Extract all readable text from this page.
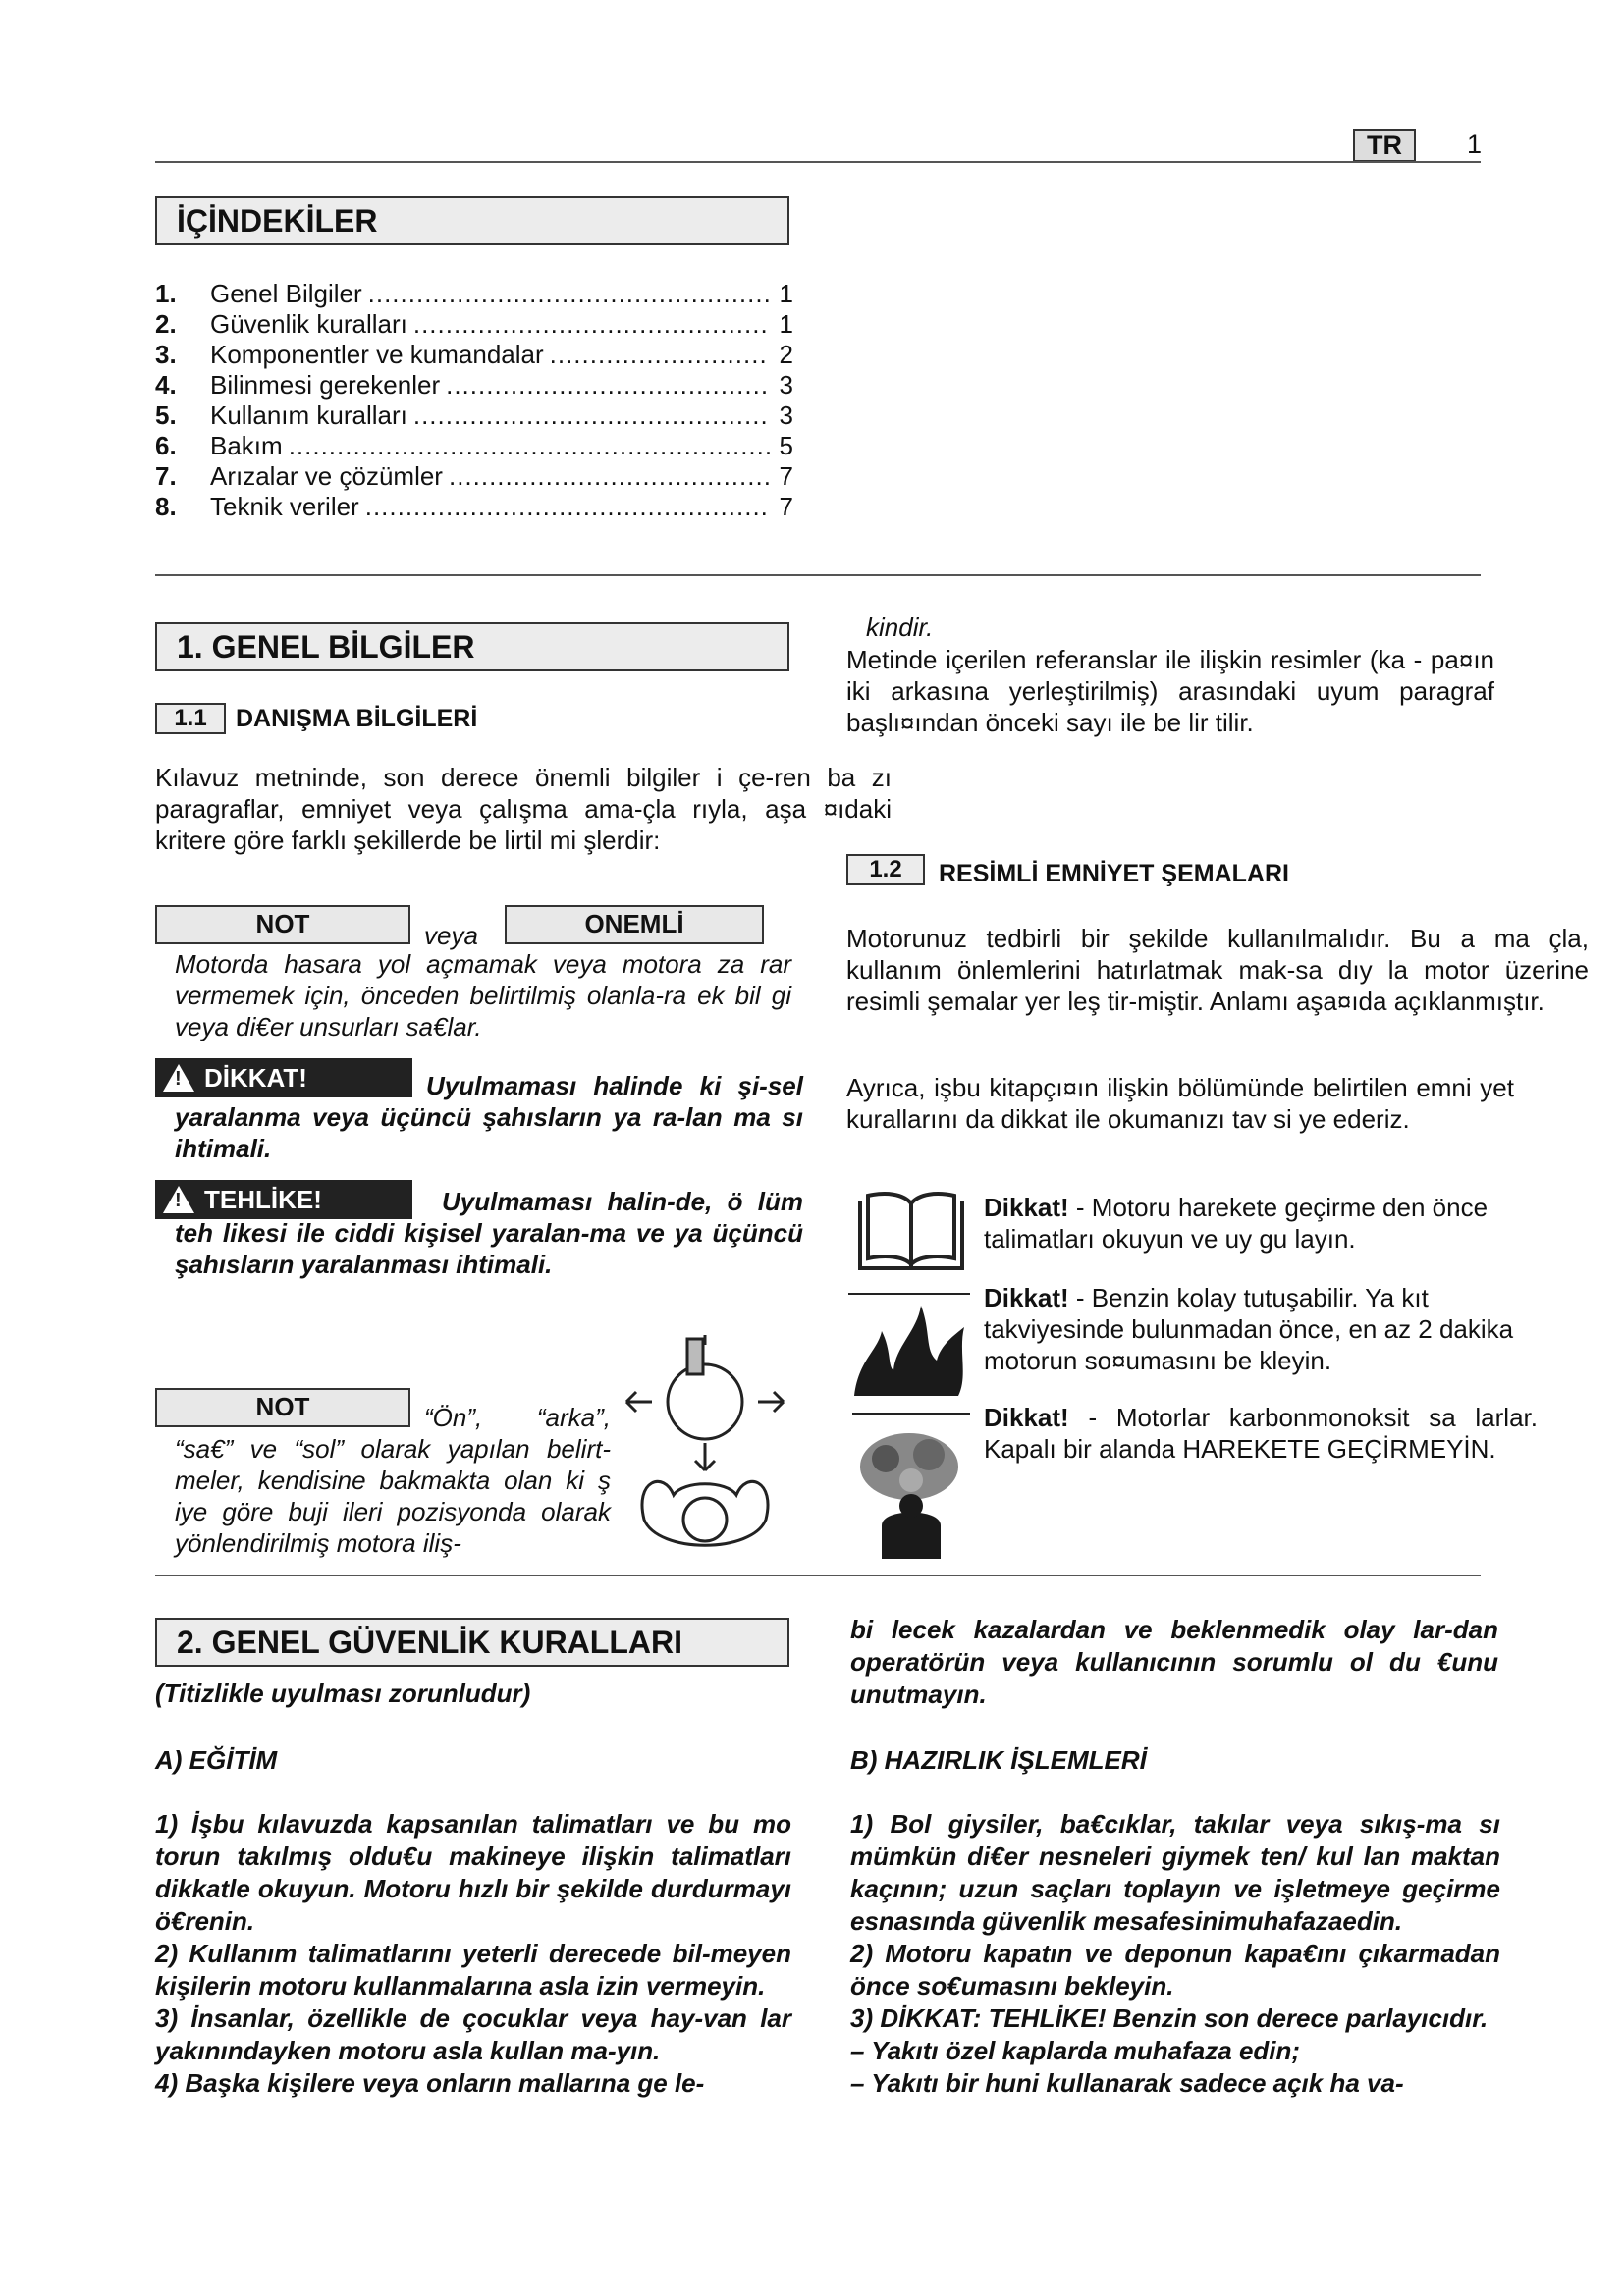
TR	1
İÇİNDEKİLER
1.	Genel Bilgiler .....	1
2.	Güvenlik kuralları .....	1
3.	Komponentler ve kumandalar .....	2
4.	Bilinmesi gerekenler .....	3
5.	Kullanım kuralları .....	3
6.	Bakım .....	5
7.	Arızalar ve çözümler .....	7
8.	Teknik veriler .....	7
1. GENEL BİLGİLER
1.1	DANIŞMA BİLGİLERİ
Kılavuz metninde, son derece önemli bilgiler i çe-ren ba zı paragraflar, emniyet veya çalışma ama-çla rıyla, aşa ¤ıdaki kritere göre farklı şekillerde be lirtil mi şlerdir:
NOT	veya	ONEMLİ
Motorda hasara yol açmamak veya motora za rar vermemek için, önceden belirtilmiş olanla-ra ek bil gi veya di€er unsurları sa€lar.
!
DİKKAT!	Uyulmaması halinde ki şi-sel yaralanma veya üçüncü şahısların ya ra-lan ma sı ihtimali.
!
TEHLİKE!	Uyulmaması halin-de, ö lüm teh likesi ile ciddi kişisel yaralan-ma ve ya üçüncü şahısların yaralanması ihtimali.
NOT	“Ön”, “arka”, “sa€” ve “sol” olarak yapılan belirt-meler, kendisine bakmakta olan ki ş iye göre buji ileri pozisyonda olarak yönlendirilmiş motora iliş-
kindir.
Metinde içerilen referanslar ile ilişkin resimler (ka - pa¤ın iki arkasına yerleştirilmiş) arasındaki uyum paragraf başlı¤ından önceki sayı ile be lir tilir.
1.2	RESİMLİ EMNİYET ŞEMALARI
Motorunuz tedbirli bir şekilde kullanılmalıdır. Bu a ma çla, kullanım önlemlerini hatırlatmak mak-sa dıy la motor üzerine resimli şemalar yer leş tir-miştir. Anlamı aşa¤ıda açıklanmıştır.
Ayrıca, işbu kitapçı¤ın ilişkin bölümünde belirtilen emni yet kurallarını da dikkat ile okumanızı tav si ye ederiz.
Dikkat! - Motoru harekete geçirme den önce talimatları okuyun ve uy gu layın.
Dikkat! - Benzin kolay tutuşabilir. Ya kıt takviyesinde bulunmadan önce, en az 2 dakika motorun so¤umasını be kleyin.
Dikkat! - Motorlar karbonmonoksit sa larlar. Kapalı bir alanda HAREKETE GEÇİRMEYİN.
2. GENEL GÜVENLİK KURALLARI
(Titizlikle uyulması zorunludur)
A) EĞİTİM
1) İşbu kılavuzda kapsanılan talimatları ve bu mo torun takılmış oldu€u makineye ilişkin talimatları dikkatle okuyun. Motoru hızlı bir şekilde durdurmayı ö€renin.
2) Kullanım talimatlarını yeterli derecede bil-meyen kişilerin motoru kullanmalarına asla izin vermeyin.
3) İnsanlar, özellikle de çocuklar veya hay-van lar yakınındayken motoru asla kullan ma-yın.
4) Başka kişilere veya onların mallarına ge le-
bi lecek kazalardan ve beklenmedik olay lar-dan operatörün veya kullanıcının sorumlu ol du €unu unutmayın.
B) HAZIRLIK İŞLEMLERİ
1) Bol giysiler, ba€cıklar, takılar veya sıkış-ma sı mümkün di€er nesneleri giymek ten/ kul lan maktan kaçının; uzun saçları toplayın ve işletmeye geçirme esnasında güvenlik mesafesinimuhafazaedin.
2) Motoru kapatın ve deponun kapa€ını çıkarmadan önce so€umasını bekleyin.
3) DİKKAT: TEHLİKE! Benzin son derece parlayıcıdır.
– Yakıtı özel kaplarda muhafaza edin;
– Yakıtı bir huni kullanarak sadece açık ha va-
